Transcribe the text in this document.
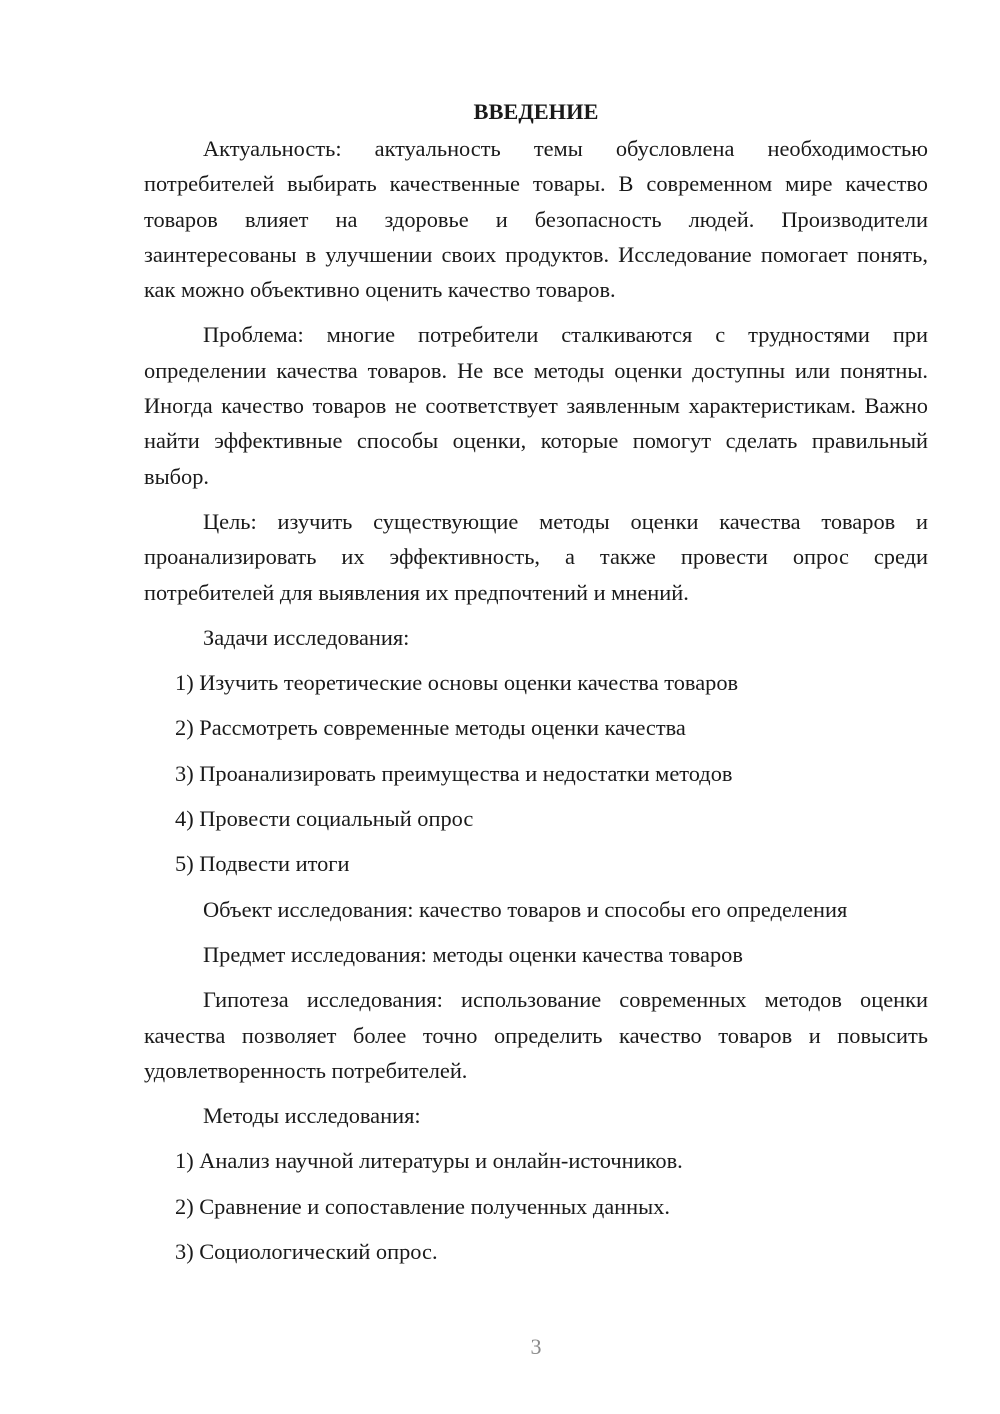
ВВЕДЕНИЕ

Актуальность: актуальность темы обусловлена необходимостью потребителей выбирать качественные товары. В современном мире качество товаров влияет на здоровье и безопасность людей. Производители заинтересованы в улучшении своих продуктов. Исследование помогает понять, как можно объективно оценить качество товаров.

Проблема: многие потребители сталкиваются с трудностями при определении качества товаров. Не все методы оценки доступны или понятны. Иногда качество товаров не соответствует заявленным характеристикам. Важно найти эффективные способы оценки, которые помогут сделать правильный выбор.

Цель: изучить существующие методы оценки качества товаров и проанализировать их эффективность, а также провести опрос среди потребителей для выявления их предпочтений и мнений.

Задачи исследования:

1) Изучить теоретические основы оценки качества товаров

2) Рассмотреть современные методы оценки качества

3) Проанализировать преимущества и недостатки методов

4) Провести социальный опрос

5) Подвести итоги

Объект исследования: качество товаров и способы его определения

Предмет исследования: методы оценки качества товаров

Гипотеза исследования: использование современных методов оценки качества позволяет более точно определить качество товаров и повысить удовлетворенность потребителей.

Методы исследования:

1) Анализ научной литературы и онлайн-источников.

2) Сравнение и сопоставление полученных данных.

3) Социологический опрос.

3
